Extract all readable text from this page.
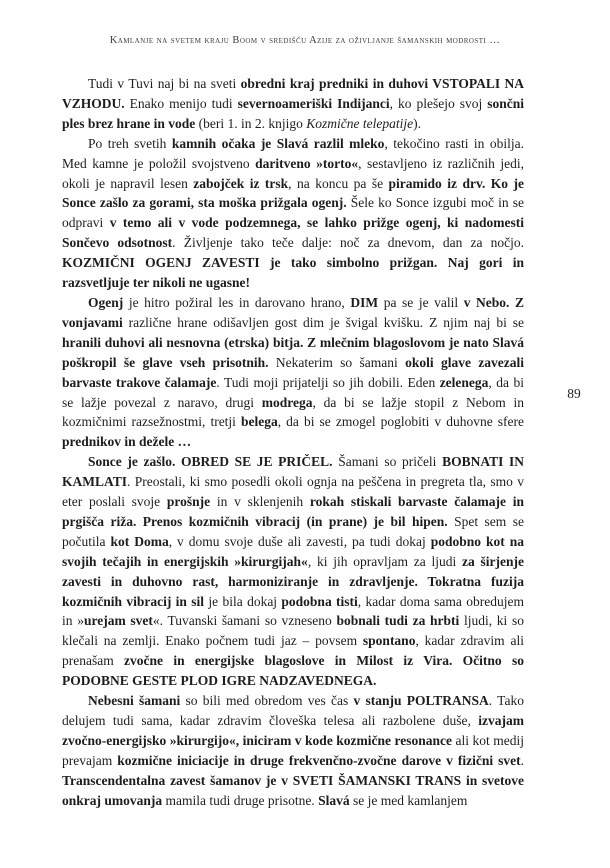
Kamlanje na svetem kraju Boom v središču Azije za oživljanje šamanskih modrosti …

Tudi v Tuvi naj bi na sveti obredni kraj predniki in duhovi VSTOPALI NA VZHODU. Enako menijo tudi severnoameriški Indijanci, ko plešejo svoj sončni ples brez hrane in vode (beri 1. in 2. knjigo Kozmične telepatije).

Po treh svetih kamnih očaka je Slavá razlil mleko, tekočino rasti in obilja. Med kamne je položil svojstveno daritveno »torto«, sestavljeno iz različnih jedi, okoli je napravil lesen zabojček iz trsk, na koncu pa še piramido iz drv. Ko je Sonce zašlo za gorami, sta moška prižgala ogenj. Šele ko Sonce izgubi moč in se odpravi v temo ali v vode podzemnega, se lahko prižge ogenj, ki nadomesti Sončevo odsotnost. Življenje tako teče dalje: noč za dnevom, dan za nočjo. KOZMIČNI OGENJ ZAVESTI je tako simbolno prižgan. Naj gori in razsvetljuje ter nikoli ne ugasne!

Ogenj je hitro požiral les in darovano hrano, DIM pa se je valil v Nebo. Z vonjavami različne hrane odišavljen gost dim je švigal kvišku. Z njim naj bi se hranili duhovi ali nesnovna (etrska) bitja. Z mlečnim blagoslovom je nato Slavá poškropil še glave vseh prisotnih. Nekaterim so šamani okoli glave zavezali barvaste trakove čalamaje. Tudi moji prijatelji so jih dobili. Eden zelenega, da bi se lažje povezal z naravo, drugi modrega, da bi se lažje stopil z Nebom in kozmičnimi razsežnostmi, tretji belega, da bi se zmogel poglobiti v duhovne sfere prednikov in dežele …

Sonce je zašlo. OBRED SE JE PRIČEL. Šamani so pričeli BOBNATI IN KAMLATI. Preostali, ki smo posedli okoli ognja na peščena in pregreta tla, smo v eter poslali svoje prošnje in v sklenjenih rokah stiskali barvaste čalamaje in prgišča riža. Prenos kozmičnih vibracij (in prane) je bil hipen. Spet sem se počutila kot Doma, v domu svoje duše ali zavesti, pa tudi dokaj podobno kot na svojih tečajih in energijskih »kirurgijah«, ki jih opravljam za ljudi za širjenje zavesti in duhovno rast, harmoniziranje in zdravljenje. Tokratna fuzija kozmičnih vibracij in sil je bila dokaj podobna tisti, kadar doma sama obredujem in »urejam svet«. Tuvanski šamani so vzneseno bobnali tudi za hrbti ljudi, ki so klečali na zemlji. Enako počnem tudi jaz – povsem spontano, kadar zdravim ali prenašam zvočne in energijske blagoslove in Milost iz Vira. Očitno so PODOBNE GESTE PLOD IGRE NADZAVEDNEGA.

Nebesni šamani so bili med obredom ves čas v stanju POLTRANSA. Tako delujem tudi sama, kadar zdravim človeška telesa ali razbolene duše, izvajam zvočno-energijsko »kirurgijo«, iniciram v kode kozmične resonance ali kot medij prevajam kozmične iniciacije in druge frekvenčno-zvočne darove v fizični svet. Transcendentalna zavest šamanov je v SVETI ŠAMANSKI TRANS in svetove onkraj umovanja mamila tudi druge prisotne. Slavá se je med kamlanjem

89
